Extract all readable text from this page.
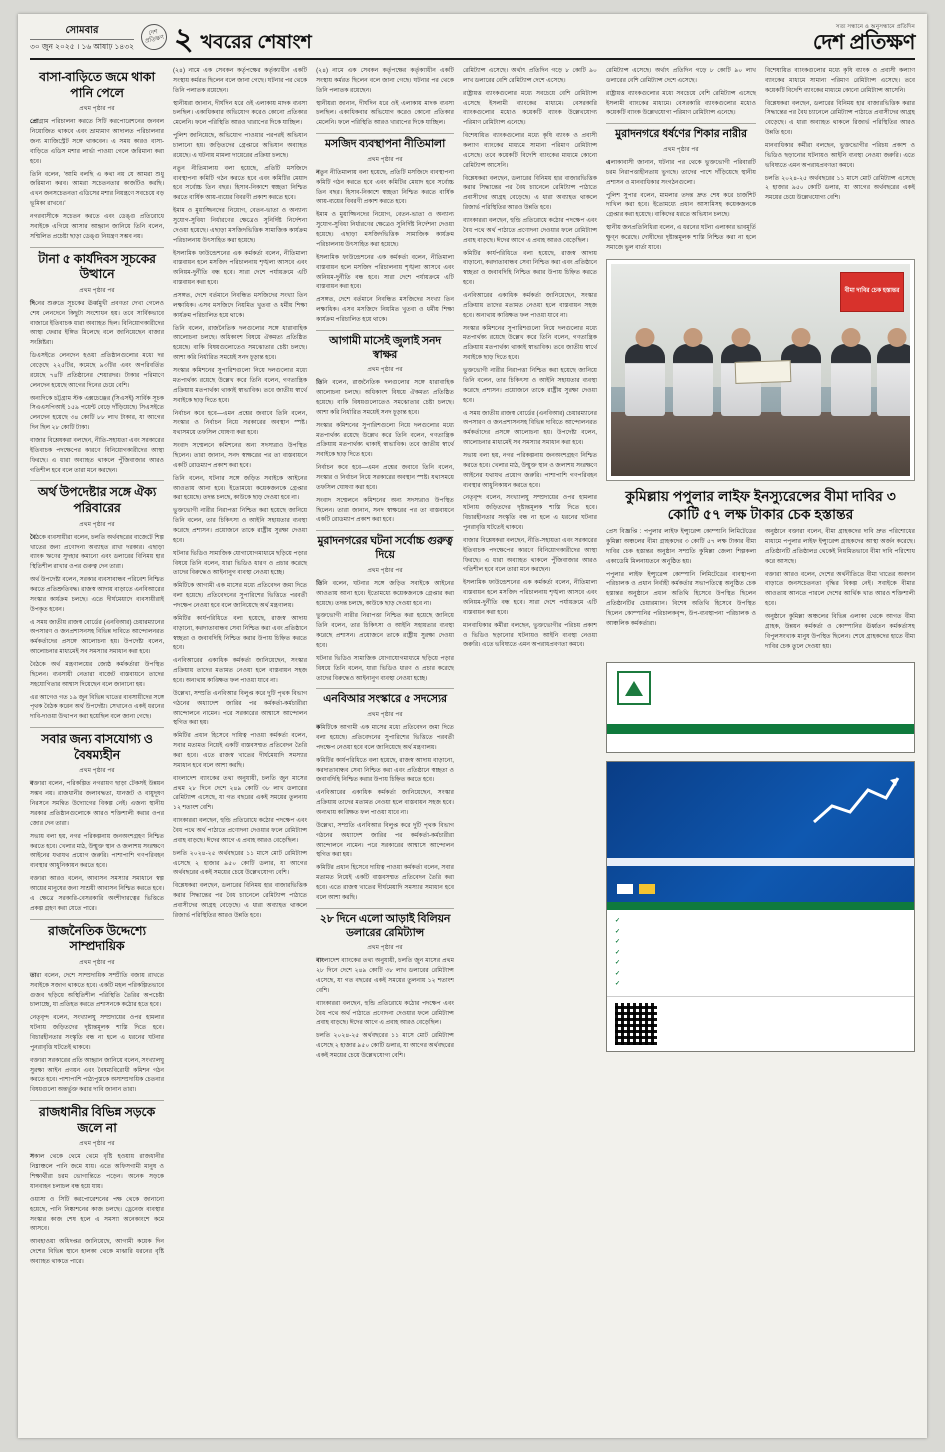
সোমবার
৩০ জুন ২০২৫ । ১৬ আষাঢ় ১৪৩২
দেশ প্রতিক্ষণ ২ খবরের শেষাংশ
সত্য সন্ধানে ও অনুসন্ধানে প্রতিদিন
দেশ প্রতিক্ষণ
বাসা-বাড়িতে জমে থাকা পানি পেলে
প্রথম পৃষ্ঠার পর

প্রোগ্রাম পরিচালনা করতে সিটি করপোরেশনের জনবল নিয়োজিত থাকবে এবং ভ্রাম্যমাণ আদালত পরিচালনার জন্য ম্যাজিস্ট্রেট সঙ্গে থাকবেন। এ সময় কারও বাসা-বাড়িতে এডিস মশার লার্ভা পাওয়া গেলে জরিমানা করা হবে।

তিনি বলেন, 'আমি বলছি এ কথা নয় যে আমরা শুধু জরিমানা করব। আমরা সচেতনতার কাজটিও করছি। এখন জনসচেতনতা এডিসের মশার নিয়ন্ত্রণে সবচেয়ে বড় ভূমিকা রাখবে।'

নগরবাসীকে সচেতন করতে এবং ডেঙ্গু প্রতিরোধে সবাইকে এগিয়ে আসার আহ্বান জানিয়ে তিনি বলেন, সম্মিলিত প্রচেষ্টা ছাড়া ডেঙ্গু নিয়ন্ত্রণ সম্ভব নয়।

টানা ৫ কার্যদিবস সূচকের উত্থানে
প্রথম পৃষ্ঠার পর

দিনের শুরুতে সূচকের ঊর্ধ্বমুখী প্রবণতা দেখা গেলেও শেষ লেনদেনে কিছুটা সংশোধন হয়। তবে সার্বিকভাবে বাজারে ইতিবাচক ধারা অব্যাহত ছিল। বিনিয়োগকারীদের আস্থা ফেরার ইঙ্গিত মিলেছে বলে জানিয়েছেন বাজার সংশ্লিষ্টরা।

ডিএসইতে লেনদেন হওয়া প্রতিষ্ঠানগুলোর মধ্যে দর বেড়েছে ২২৫টির, কমেছে ৯৩টির এবং অপরিবর্তিত রয়েছে ৭৪টি প্রতিষ্ঠানের শেয়ারদর। টাকার পরিমাণে লেনদেন হয়েছে আগের দিনের চেয়ে বেশি।

অন্যদিকে চট্টগ্রাম স্টক এক্সচেঞ্জের (সিএসই) সার্বিক সূচক সিএএসপিআই ১৫৯ পয়েন্ট বেড়ে দাঁড়িয়েছে। সিএসইতে লেনদেন হয়েছে ৩৪ কোটি ৮৮ লাখ টাকার, যা আগের দিন ছিল ২৮ কোটি টাকা।

বাজার বিশ্লেষকরা বলছেন, নীতি-সহায়তা এবং সরকারের ইতিবাচক পদক্ষেপের কারণে বিনিয়োগকারীদের আস্থা ফিরছে। এ ধারা অব্যাহত থাকলে পুঁজিবাজার আরও গতিশীল হবে বলে তারা মনে করছেন।

অর্থ উপদেষ্টার সঙ্গে ঐক্য পরিবারের
প্রথম পৃষ্ঠার পর

বৈঠকে ব্যবসায়ীরা বলেন, চলতি অর্থবছরের বাজেটে শিল্প খাতের জন্য প্রণোদনা অব্যাহত রাখা দরকার। এছাড়া ব্যাংক ঋণের সুদহার কমানো এবং ডলারের বিনিময় হার স্থিতিশীল রাখার ওপর গুরুত্ব দেন তারা।

অর্থ উপদেষ্টা বলেন, সরকার ব্যবসাবান্ধব পরিবেশ নিশ্চিত করতে প্রতিশ্রুতিবদ্ধ। রাজস্ব আদায় বাড়াতে এনবিআরের সংস্কার কার্যক্রম চলছে। এতে দীর্ঘমেয়াদে ব্যবসায়ীরাই উপকৃত হবেন।

এ সময় জাতীয় রাজস্ব বোর্ডের (এনবিআর) চেয়ারম্যানের অপসারণ ও জনপ্রশাসনসহ বিভিন্ন দাবিতে আন্দোলনরত কর্মকর্তাদের প্রসঙ্গে আলোচনা হয়। উপদেষ্টা বলেন, আলোচনার মাধ্যমেই সব সমস্যার সমাধান করা হবে।

বৈঠকে অর্থ মন্ত্রণালয়ের জ্যেষ্ঠ কর্মকর্তারা উপস্থিত ছিলেন। ব্যবসায়ী নেতারা বাজেট বাস্তবায়নে তাদের সহযোগিতার আশ্বাস দিয়েছেন বলে জানানো হয়।

এর আগেও গত ১৯ জুন বিভিন্ন খাতের ব্যবসায়ীদের সঙ্গে পৃথক বৈঠক করেন অর্থ উপদেষ্টা। সেখানেও একই ধরনের দাবি-দাওয়া উত্থাপন করা হয়েছিল বলে জানা গেছে।

সবার জন্য বাসযোগ্য ও বৈষম্যহীন
প্রথম পৃষ্ঠার পর

বক্তারা বলেন, পরিকল্পিত নগরায়ণ ছাড়া টেকসই উন্নয়ন সম্ভব নয়। রাজধানীর জলাবদ্ধতা, যানজট ও বায়ুদূষণ নিরসনে সমন্বিত উদ্যোগের বিকল্প নেই। এজন্য স্থানীয় সরকার প্রতিষ্ঠানগুলোকে আরও শক্তিশালী করার ওপর জোর দেন তারা।

সভায় বলা হয়, নগর পরিকল্পনায় জনঅংশগ্রহণ নিশ্চিত করতে হবে। খেলার মাঠ, উন্মুক্ত স্থান ও জলাশয় সংরক্ষণে আইনের যথাযথ প্রয়োগ জরুরি। পাশাপাশি গণপরিবহন ব্যবস্থার আধুনিকায়ন করতে হবে।

বক্তারা আরও বলেন, আবাসন সমস্যার সমাধানে স্বল্প আয়ের মানুষের জন্য সাশ্রয়ী আবাসন নিশ্চিত করতে হবে। এ ক্ষেত্রে সরকারি-বেসরকারি অংশীদারত্বের ভিত্তিতে প্রকল্প গ্রহণ করা যেতে পারে।

রাজনৈতিক উদ্দেশ্যে সাম্প্রদায়িক
প্রথম পৃষ্ঠার পর

তারা বলেন, দেশে সাম্প্রদায়িক সম্প্রীতি বজায় রাখতে সবাইকে সজাগ থাকতে হবে। একটি মহল পরিকল্পিতভাবে গুজব ছড়িয়ে অস্থিতিশীল পরিস্থিতি তৈরির অপচেষ্টা চালাচ্ছে, যা প্রতিহত করতে প্রশাসনকে কঠোর হতে হবে।

নেতৃবৃন্দ বলেন, সংখ্যালঘু সম্প্রদায়ের ওপর হামলার ঘটনায় জড়িতদের দৃষ্টান্তমূলক শাস্তি দিতে হবে। বিচারহীনতার সংস্কৃতি বন্ধ না হলে এ ধরনের ঘটনার পুনরাবৃত্তি ঘটতেই থাকবে।

বক্তারা সরকারের প্রতি আহ্বান জানিয়ে বলেন, সংখ্যালঘু সুরক্ষা আইন প্রণয়ন এবং বৈষম্যবিরোধী কমিশন গঠন করতে হবে। পাশাপাশি পাঠ্যপুস্তকে অসাম্প্রদায়িক চেতনার বিষয়গুলো অন্তর্ভুক্ত করার দাবি জানান তারা।

রাজধানীর বিভিন্ন সড়কে জলে না
প্রথম পৃষ্ঠার পর

সকাল থেকে থেমে থেমে বৃষ্টি হওয়ায় রাজধানীর নিম্নাঞ্চলে পানি জমে যায়। এতে অফিসগামী মানুষ ও শিক্ষার্থীরা চরম ভোগান্তিতে পড়েন। অনেক সড়কে যানবাহন চলাচল বন্ধ হয়ে যায়।

ওয়াসা ও সিটি করপোরেশনের পক্ষ থেকে জানানো হয়েছে, পানি নিষ্কাশনের কাজ চলছে। ড্রেনেজ ব্যবস্থার সংস্কার কাজ শেষ হলে এ সমস্যা অনেকাংশে কমে আসবে।

আবহাওয়া অধিদপ্তর জানিয়েছে, আগামী কয়েক দিন দেশের বিভিন্ন স্থানে হালকা থেকে মাঝারি ধরনের বৃষ্টি অব্যাহত থাকতে পারে।

(২৪) নামে এক সেবকন কর্তৃপক্ষের কর্তৃক্যাধীন একটি সংস্থায় কর্মরত ছিলেন বলে জানা গেছে। ঘটনার পর থেকে তিনি পলাতক রয়েছেন।

স্থানীয়রা জানান, দীর্ঘদিন ধরে ওই এলাকায় মাদক ব্যবসা চলছিল। একাধিকবার অভিযোগ করেও কোনো প্রতিকার মেলেনি। ফলে পরিস্থিতি আরও খারাপের দিকে যাচ্ছিল।

পুলিশ জানিয়েছে, অভিযোগ পাওয়ার পরপরই অভিযান চালানো হয়। জড়িতদের গ্রেপ্তারে অভিযান অব্যাহত রয়েছে। এ ঘটনায় মামলা দায়েরের প্রক্রিয়া চলছে।

নতুন নীতিমালায় বলা হয়েছে, প্রতিটি মসজিদে ব্যবস্থাপনা কমিটি গঠন করতে হবে এবং কমিটির মেয়াদ হবে সর্বোচ্চ তিন বছর। হিসাব-নিকাশে স্বচ্ছতা নিশ্চিত করতে বার্ষিক আয়-ব্যয়ের বিবরণী প্রকাশ করতে হবে।

ইমাম ও মুয়াজ্জিনদের নিয়োগ, বেতন-ভাতা ও অন্যান্য সুযোগ-সুবিধা নির্ধারণের ক্ষেত্রেও সুনির্দিষ্ট নির্দেশনা দেওয়া হয়েছে। এছাড়া মসজিদভিত্তিক সামাজিক কার্যক্রম পরিচালনায় উৎসাহিত করা হয়েছে।

ইসলামিক ফাউন্ডেশনের এক কর্মকর্তা বলেন, নীতিমালা বাস্তবায়ন হলে মসজিদ পরিচালনায় শৃঙ্খলা আসবে এবং অনিয়ম-দুর্নীতি বন্ধ হবে। সারা দেশে পর্যায়ক্রমে এটি বাস্তবায়ন করা হবে।

প্রসঙ্গত, দেশে বর্তমানে নিবন্ধিত মসজিদের সংখ্যা তিন লক্ষাধিক। এসব মসজিদে নিয়মিত খুতবা ও ধর্মীয় শিক্ষা কার্যক্রম পরিচালিত হয়ে থাকে।

তিনি বলেন, রাজনৈতিক দলগুলোর সঙ্গে ধারাবাহিক আলোচনা চলছে। অধিকাংশ বিষয়ে ঐকমত্য প্রতিষ্ঠিত হয়েছে। বাকি বিষয়গুলোতেও সমঝোতার চেষ্টা চলছে। আশা করি নির্ধারিত সময়েই সনদ চূড়ান্ত হবে।

সংস্কার কমিশনের সুপারিশগুলো নিয়ে দলগুলোর মধ্যে মতপার্থক্য রয়েছে উল্লেখ করে তিনি বলেন, গণতান্ত্রিক প্রক্রিয়ায় মতপার্থক্য থাকাই স্বাভাবিক। তবে জাতীয় স্বার্থে সবাইকে ছাড় দিতে হবে।

নির্বাচন কবে হবে—এমন প্রশ্নের জবাবে তিনি বলেন, সংস্কার ও নির্বাচন নিয়ে সরকারের অবস্থান স্পষ্ট। যথাসময়ে তফসিল ঘোষণা করা হবে।

সংবাদ সম্মেলনে কমিশনের অন্য সদস্যরাও উপস্থিত ছিলেন। তারা জানান, সনদ স্বাক্ষরের পর তা বাস্তবায়নে একটি রোডম্যাপ প্রকাশ করা হবে।

তিনি বলেন, ঘটনার সঙ্গে জড়িত সবাইকে আইনের আওতায় আনা হবে। ইতোমধ্যে কয়েকজনকে গ্রেপ্তার করা হয়েছে। তদন্ত চলছে, কাউকে ছাড় দেওয়া হবে না।

ভুক্তভোগী নারীর নিরাপত্তা নিশ্চিত করা হয়েছে জানিয়ে তিনি বলেন, তার চিকিৎসা ও আইনি সহায়তার ব্যবস্থা করেছে প্রশাসন। প্রয়োজনে তাকে রাষ্ট্রীয় সুরক্ষা দেওয়া হবে।

ঘটনার ভিডিও সামাজিক যোগাযোগমাধ্যমে ছড়িয়ে পড়ার বিষয়ে তিনি বলেন, যারা ভিডিও ধারণ ও প্রচার করেছে তাদের বিরুদ্ধেও আইনানুগ ব্যবস্থা নেওয়া হচ্ছে।

কমিটিকে আগামী এক মাসের মধ্যে প্রতিবেদন জমা দিতে বলা হয়েছে। প্রতিবেদনের সুপারিশের ভিত্তিতে পরবর্তী পদক্ষেপ নেওয়া হবে বলে জানিয়েছে অর্থ মন্ত্রণালয়।

কমিটির কার্যপরিধিতে বলা হয়েছে, রাজস্ব আদায় বাড়ানো, করদাতাবান্ধব সেবা নিশ্চিত করা এবং প্রতিষ্ঠানে স্বচ্ছতা ও জবাবদিহি নিশ্চিত করার উপায় চিহ্নিত করতে হবে।

এনবিআরের একাধিক কর্মকর্তা জানিয়েছেন, সংস্কার প্রক্রিয়ায় তাদের মতামত নেওয়া হলে বাস্তবায়ন সহজ হবে। অন্যথায় কাঙ্ক্ষিত ফল পাওয়া যাবে না।

উল্লেখ্য, সম্প্রতি এনবিআর বিলুপ্ত করে দুটি পৃথক বিভাগ গঠনের অধ্যাদেশ জারির পর কর্মকর্তা-কর্মচারীরা আন্দোলনে নামেন। পরে সরকারের আশ্বাসে আন্দোলন স্থগিত করা হয়।

কমিটির প্রধান হিসেবে দায়িত্ব পাওয়া কর্মকর্তা বলেন, সবার মতামত নিয়েই একটি বাস্তবসম্মত প্রতিবেদন তৈরি করা হবে। এতে রাজস্ব খাতের দীর্ঘমেয়াদি সমস্যার সমাধান হবে বলে আশা করছি।

বাংলাদেশ ব্যাংকের তথ্য অনুযায়ী, চলতি জুন মাসের প্রথম ২৮ দিনে দেশে ২৪৯ কোটি ৩৮ লাখ ডলারের রেমিট্যান্স এসেছে, যা গত বছরের একই সময়ের তুলনায় ১২ শতাংশ বেশি।

ব্যাংকাররা বলছেন, হুন্ডি প্রতিরোধে কঠোর পদক্ষেপ এবং বৈধ পথে অর্থ পাঠাতে প্রণোদনা দেওয়ার ফলে রেমিট্যান্স প্রবাহ বাড়ছে। ঈদের আগে এ প্রবাহ আরও বেড়েছিল।

চলতি ২০২৪-২৫ অর্থবছরের ১১ মাসে মোট রেমিট্যান্স এসেছে ২ হাজার ৯৫০ কোটি ডলার, যা আগের অর্থবছরের একই সময়ের চেয়ে উল্লেখযোগ্য বেশি।

বিশ্লেষকরা বলছেন, ডলারের বিনিময় হার বাজারভিত্তিক করার সিদ্ধান্তের পর বৈধ চ্যানেলে রেমিট্যান্স পাঠাতে প্রবাসীদের আগ্রহ বেড়েছে। এ ধারা অব্যাহত থাকলে রিজার্ভ পরিস্থিতির আরও উন্নতি হবে।

(২৪) নামে এক সেবকন কর্তৃপক্ষের কর্তৃক্যাধীন একটি সংস্থায় কর্মরত ছিলেন বলে জানা গেছে। ঘটনার পর থেকে তিনি পলাতক রয়েছেন।

স্থানীয়রা জানান, দীর্ঘদিন ধরে ওই এলাকায় মাদক ব্যবসা চলছিল। একাধিকবার অভিযোগ করেও কোনো প্রতিকার মেলেনি। ফলে পরিস্থিতি আরও খারাপের দিকে যাচ্ছিল।

মসজিদ ব্যবস্থাপনা নীতিমালা
প্রথম পৃষ্ঠার পর

নতুন নীতিমালায় বলা হয়েছে, প্রতিটি মসজিদে ব্যবস্থাপনা কমিটি গঠন করতে হবে এবং কমিটির মেয়াদ হবে সর্বোচ্চ তিন বছর। হিসাব-নিকাশে স্বচ্ছতা নিশ্চিত করতে বার্ষিক আয়-ব্যয়ের বিবরণী প্রকাশ করতে হবে।

ইমাম ও মুয়াজ্জিনদের নিয়োগ, বেতন-ভাতা ও অন্যান্য সুযোগ-সুবিধা নির্ধারণের ক্ষেত্রেও সুনির্দিষ্ট নির্দেশনা দেওয়া হয়েছে। এছাড়া মসজিদভিত্তিক সামাজিক কার্যক্রম পরিচালনায় উৎসাহিত করা হয়েছে।

ইসলামিক ফাউন্ডেশনের এক কর্মকর্তা বলেন, নীতিমালা বাস্তবায়ন হলে মসজিদ পরিচালনায় শৃঙ্খলা আসবে এবং অনিয়ম-দুর্নীতি বন্ধ হবে। সারা দেশে পর্যায়ক্রমে এটি বাস্তবায়ন করা হবে।

প্রসঙ্গত, দেশে বর্তমানে নিবন্ধিত মসজিদের সংখ্যা তিন লক্ষাধিক। এসব মসজিদে নিয়মিত খুতবা ও ধর্মীয় শিক্ষা কার্যক্রম পরিচালিত হয়ে থাকে।

আগামী মাসেই জুলাই সনদ স্বাক্ষর
প্রথম পৃষ্ঠার পর

তিনি বলেন, রাজনৈতিক দলগুলোর সঙ্গে ধারাবাহিক আলোচনা চলছে। অধিকাংশ বিষয়ে ঐকমত্য প্রতিষ্ঠিত হয়েছে। বাকি বিষয়গুলোতেও সমঝোতার চেষ্টা চলছে। আশা করি নির্ধারিত সময়েই সনদ চূড়ান্ত হবে।

সংস্কার কমিশনের সুপারিশগুলো নিয়ে দলগুলোর মধ্যে মতপার্থক্য রয়েছে উল্লেখ করে তিনি বলেন, গণতান্ত্রিক প্রক্রিয়ায় মতপার্থক্য থাকাই স্বাভাবিক। তবে জাতীয় স্বার্থে সবাইকে ছাড় দিতে হবে।

নির্বাচন কবে হবে—এমন প্রশ্নের জবাবে তিনি বলেন, সংস্কার ও নির্বাচন নিয়ে সরকারের অবস্থান স্পষ্ট। যথাসময়ে তফসিল ঘোষণা করা হবে।

সংবাদ সম্মেলনে কমিশনের অন্য সদস্যরাও উপস্থিত ছিলেন। তারা জানান, সনদ স্বাক্ষরের পর তা বাস্তবায়নে একটি রোডম্যাপ প্রকাশ করা হবে।

মুরাদনগরের ঘটনা সর্বোচ্চ গুরুত্ব দিয়ে
প্রথম পৃষ্ঠার পর

তিনি বলেন, ঘটনার সঙ্গে জড়িত সবাইকে আইনের আওতায় আনা হবে। ইতোমধ্যে কয়েকজনকে গ্রেপ্তার করা হয়েছে। তদন্ত চলছে, কাউকে ছাড় দেওয়া হবে না।

ভুক্তভোগী নারীর নিরাপত্তা নিশ্চিত করা হয়েছে জানিয়ে তিনি বলেন, তার চিকিৎসা ও আইনি সহায়তার ব্যবস্থা করেছে প্রশাসন। প্রয়োজনে তাকে রাষ্ট্রীয় সুরক্ষা দেওয়া হবে।

ঘটনার ভিডিও সামাজিক যোগাযোগমাধ্যমে ছড়িয়ে পড়ার বিষয়ে তিনি বলেন, যারা ভিডিও ধারণ ও প্রচার করেছে তাদের বিরুদ্ধেও আইনানুগ ব্যবস্থা নেওয়া হচ্ছে।

এনবিআর সংস্কারে ৫ সদস্যের
প্রথম পৃষ্ঠার পর

কমিটিকে আগামী এক মাসের মধ্যে প্রতিবেদন জমা দিতে বলা হয়েছে। প্রতিবেদনের সুপারিশের ভিত্তিতে পরবর্তী পদক্ষেপ নেওয়া হবে বলে জানিয়েছে অর্থ মন্ত্রণালয়।

কমিটির কার্যপরিধিতে বলা হয়েছে, রাজস্ব আদায় বাড়ানো, করদাতাবান্ধব সেবা নিশ্চিত করা এবং প্রতিষ্ঠানে স্বচ্ছতা ও জবাবদিহি নিশ্চিত করার উপায় চিহ্নিত করতে হবে।

এনবিআরের একাধিক কর্মকর্তা জানিয়েছেন, সংস্কার প্রক্রিয়ায় তাদের মতামত নেওয়া হলে বাস্তবায়ন সহজ হবে। অন্যথায় কাঙ্ক্ষিত ফল পাওয়া যাবে না।

উল্লেখ্য, সম্প্রতি এনবিআর বিলুপ্ত করে দুটি পৃথক বিভাগ গঠনের অধ্যাদেশ জারির পর কর্মকর্তা-কর্মচারীরা আন্দোলনে নামেন। পরে সরকারের আশ্বাসে আন্দোলন স্থগিত করা হয়।

কমিটির প্রধান হিসেবে দায়িত্ব পাওয়া কর্মকর্তা বলেন, সবার মতামত নিয়েই একটি বাস্তবসম্মত প্রতিবেদন তৈরি করা হবে। এতে রাজস্ব খাতের দীর্ঘমেয়াদি সমস্যার সমাধান হবে বলে আশা করছি।

২৮ দিনে এলো আড়াই বিলিয়ন ডলারের রেমিট্যান্স
প্রথম পৃষ্ঠার পর

বাংলাদেশ ব্যাংকের তথ্য অনুযায়ী, চলতি জুন মাসের প্রথম ২৮ দিনে দেশে ২৪৯ কোটি ৩৮ লাখ ডলারের রেমিট্যান্স এসেছে, যা গত বছরের একই সময়ের তুলনায় ১২ শতাংশ বেশি।

ব্যাংকাররা বলছেন, হুন্ডি প্রতিরোধে কঠোর পদক্ষেপ এবং বৈধ পথে অর্থ পাঠাতে প্রণোদনা দেওয়ার ফলে রেমিট্যান্স প্রবাহ বাড়ছে। ঈদের আগে এ প্রবাহ আরও বেড়েছিল।

চলতি ২০২৪-২৫ অর্থবছরের ১১ মাসে মোট রেমিট্যান্স এসেছে ২ হাজার ৯৫০ কোটি ডলার, যা আগের অর্থবছরের একই সময়ের চেয়ে উল্লেখযোগ্য বেশি।

রেমিট্যান্স এসেছে। অর্থাৎ প্রতিদিন গড়ে ৮ কোটি ৯০ লাখ ডলারের বেশি রেমিট্যান্স দেশে এসেছে।

রাষ্ট্রায়ত্ত ব্যাংকগুলোর মধ্যে সবচেয়ে বেশি রেমিট্যান্স এসেছে ইসলামী ব্যাংকের মাধ্যমে। বেসরকারি ব্যাংকগুলোর মধ্যেও কয়েকটি ব্যাংক উল্লেখযোগ্য পরিমাণ রেমিট্যান্স এনেছে।

বিশেষায়িত ব্যাংকগুলোর মধ্যে কৃষি ব্যাংক ও প্রবাসী কল্যাণ ব্যাংকের মাধ্যমে সামান্য পরিমাণ রেমিট্যান্স এসেছে। তবে কয়েকটি বিদেশি ব্যাংকের মাধ্যমে কোনো রেমিট্যান্স আসেনি।

বিশ্লেষকরা বলছেন, ডলারের বিনিময় হার বাজারভিত্তিক করার সিদ্ধান্তের পর বৈধ চ্যানেলে রেমিট্যান্স পাঠাতে প্রবাসীদের আগ্রহ বেড়েছে। এ ধারা অব্যাহত থাকলে রিজার্ভ পরিস্থিতির আরও উন্নতি হবে।

ব্যাংকাররা বলছেন, হুন্ডি প্রতিরোধে কঠোর পদক্ষেপ এবং বৈধ পথে অর্থ পাঠাতে প্রণোদনা দেওয়ার ফলে রেমিট্যান্স প্রবাহ বাড়ছে। ঈদের আগে এ প্রবাহ আরও বেড়েছিল।

কমিটির কার্যপরিধিতে বলা হয়েছে, রাজস্ব আদায় বাড়ানো, করদাতাবান্ধব সেবা নিশ্চিত করা এবং প্রতিষ্ঠানে স্বচ্ছতা ও জবাবদিহি নিশ্চিত করার উপায় চিহ্নিত করতে হবে।

এনবিআরের একাধিক কর্মকর্তা জানিয়েছেন, সংস্কার প্রক্রিয়ায় তাদের মতামত নেওয়া হলে বাস্তবায়ন সহজ হবে। অন্যথায় কাঙ্ক্ষিত ফল পাওয়া যাবে না।

সংস্কার কমিশনের সুপারিশগুলো নিয়ে দলগুলোর মধ্যে মতপার্থক্য রয়েছে উল্লেখ করে তিনি বলেন, গণতান্ত্রিক প্রক্রিয়ায় মতপার্থক্য থাকাই স্বাভাবিক। তবে জাতীয় স্বার্থে সবাইকে ছাড় দিতে হবে।

ভুক্তভোগী নারীর নিরাপত্তা নিশ্চিত করা হয়েছে জানিয়ে তিনি বলেন, তার চিকিৎসা ও আইনি সহায়তার ব্যবস্থা করেছে প্রশাসন। প্রয়োজনে তাকে রাষ্ট্রীয় সুরক্ষা দেওয়া হবে।

এ সময় জাতীয় রাজস্ব বোর্ডের (এনবিআর) চেয়ারম্যানের অপসারণ ও জনপ্রশাসনসহ বিভিন্ন দাবিতে আন্দোলনরত কর্মকর্তাদের প্রসঙ্গে আলোচনা হয়। উপদেষ্টা বলেন, আলোচনার মাধ্যমেই সব সমস্যার সমাধান করা হবে।

সভায় বলা হয়, নগর পরিকল্পনায় জনঅংশগ্রহণ নিশ্চিত করতে হবে। খেলার মাঠ, উন্মুক্ত স্থান ও জলাশয় সংরক্ষণে আইনের যথাযথ প্রয়োগ জরুরি। পাশাপাশি গণপরিবহন ব্যবস্থার আধুনিকায়ন করতে হবে।

নেতৃবৃন্দ বলেন, সংখ্যালঘু সম্প্রদায়ের ওপর হামলার ঘটনায় জড়িতদের দৃষ্টান্তমূলক শাস্তি দিতে হবে। বিচারহীনতার সংস্কৃতি বন্ধ না হলে এ ধরনের ঘটনার পুনরাবৃত্তি ঘটতেই থাকবে।

বাজার বিশ্লেষকরা বলছেন, নীতি-সহায়তা এবং সরকারের ইতিবাচক পদক্ষেপের কারণে বিনিয়োগকারীদের আস্থা ফিরছে। এ ধারা অব্যাহত থাকলে পুঁজিবাজার আরও গতিশীল হবে বলে তারা মনে করছেন।

ইসলামিক ফাউন্ডেশনের এক কর্মকর্তা বলেন, নীতিমালা বাস্তবায়ন হলে মসজিদ পরিচালনায় শৃঙ্খলা আসবে এবং অনিয়ম-দুর্নীতি বন্ধ হবে। সারা দেশে পর্যায়ক্রমে এটি বাস্তবায়ন করা হবে।

মানবাধিকার কর্মীরা বলছেন, ভুক্তভোগীর পরিচয় প্রকাশ ও ভিডিও ছড়ানোর ঘটনায়ও আইনি ব্যবস্থা নেওয়া জরুরি। এতে ভবিষ্যতে এমন অপরাধপ্রবণতা কমবে।

রেমিট্যান্স এসেছে। অর্থাৎ প্রতিদিন গড়ে ৮ কোটি ৯০ লাখ ডলারের বেশি রেমিট্যান্স দেশে এসেছে।

রাষ্ট্রায়ত্ত ব্যাংকগুলোর মধ্যে সবচেয়ে বেশি রেমিট্যান্স এসেছে ইসলামী ব্যাংকের মাধ্যমে। বেসরকারি ব্যাংকগুলোর মধ্যেও কয়েকটি ব্যাংক উল্লেখযোগ্য পরিমাণ রেমিট্যান্স এনেছে।

মুরাদনগরে ধর্ষণের শিকার নারীর
প্রথম পৃষ্ঠার পর

এলাকাবাসী জানান, ঘটনার পর থেকে ভুক্তভোগী পরিবারটি চরম নিরাপত্তাহীনতায় ভুগছে। তাদের পাশে দাঁড়িয়েছে স্থানীয় প্রশাসন ও মানবাধিকার সংগঠনগুলো।

পুলিশ সুপার বলেন, মামলার তদন্ত দ্রুত শেষ করে চার্জশিট দাখিল করা হবে। ইতোমধ্যে প্রধান আসামিসহ কয়েকজনকে গ্রেপ্তার করা হয়েছে। বাকিদের ধরতে অভিযান চলছে।

স্থানীয় জনপ্রতিনিধিরা বলেন, এ ধরনের ঘটনা এলাকার ভাবমূর্তি ক্ষুণ্ন করেছে। দোষীদের দৃষ্টান্তমূলক শাস্তি নিশ্চিত করা না হলে সমাজে ভুল বার্তা যাবে।

বিশেষায়িত ব্যাংকগুলোর মধ্যে কৃষি ব্যাংক ও প্রবাসী কল্যাণ ব্যাংকের মাধ্যমে সামান্য পরিমাণ রেমিট্যান্স এসেছে। তবে কয়েকটি বিদেশি ব্যাংকের মাধ্যমে কোনো রেমিট্যান্স আসেনি।

বিশ্লেষকরা বলছেন, ডলারের বিনিময় হার বাজারভিত্তিক করার সিদ্ধান্তের পর বৈধ চ্যানেলে রেমিট্যান্স পাঠাতে প্রবাসীদের আগ্রহ বেড়েছে। এ ধারা অব্যাহত থাকলে রিজার্ভ পরিস্থিতির আরও উন্নতি হবে।

মানবাধিকার কর্মীরা বলছেন, ভুক্তভোগীর পরিচয় প্রকাশ ও ভিডিও ছড়ানোর ঘটনায়ও আইনি ব্যবস্থা নেওয়া জরুরি। এতে ভবিষ্যতে এমন অপরাধপ্রবণতা কমবে।

চলতি ২০২৪-২৫ অর্থবছরের ১১ মাসে মোট রেমিট্যান্স এসেছে ২ হাজার ৯৫০ কোটি ডলার, যা আগের অর্থবছরের একই সময়ের চেয়ে উল্লেখযোগ্য বেশি।

বীমা দাবির চেক হস্তান্তর
কুমিল্লায় পপুলার লাইফ ইনস্যুরেন্সের বীমা দাবির ৩ কোটি ৫৭ লক্ষ টাকার চেক হস্তান্তর

প্রেস বিজ্ঞপ্তি : পপুলার লাইফ ইন্স্যুরেন্স কোম্পানি লিমিটেডের কুমিল্লা অঞ্চলের বীমা গ্রাহকদের ৩ কোটি ৫৭ লক্ষ টাকার বীমা দাবির চেক হস্তান্তর অনুষ্ঠান সম্প্রতি কুমিল্লা জেলা শিল্পকলা একাডেমি মিলনায়তনে অনুষ্ঠিত হয়।

পপুলার লাইফ ইন্স্যুরেন্স কোম্পানি লিমিটেডের ব্যবস্থাপনা পরিচালক ও প্রধান নির্বাহী কর্মকর্তার সভাপতিত্বে অনুষ্ঠিত চেক হস্তান্তর অনুষ্ঠানে প্রধান অতিথি হিসেবে উপস্থিত ছিলেন প্রতিষ্ঠানটির চেয়ারম্যান। বিশেষ অতিথি হিসেবে উপস্থিত ছিলেন কোম্পানির পরিচালকবৃন্দ, উপ-ব্যবস্থাপনা পরিচালক ও আঞ্চলিক কর্মকর্তারা।

অনুষ্ঠানে বক্তারা বলেন, বীমা গ্রাহকদের দাবি দ্রুত পরিশোধের মাধ্যমে পপুলার লাইফ ইন্স্যুরেন্স গ্রাহকদের আস্থা অর্জন করেছে। প্রতিষ্ঠানটি প্রতিষ্ঠালগ্ন থেকেই নিয়মিতভাবে বীমা দাবি পরিশোধ করে আসছে।

বক্তারা আরও বলেন, দেশের অর্থনীতিতে বীমা খাতের অবদান বাড়াতে জনসচেতনতা বৃদ্ধির বিকল্প নেই। সবাইকে বীমার আওতায় আনতে পারলে দেশের আর্থিক খাত আরও শক্তিশালী হবে।

অনুষ্ঠানে কুমিল্লা অঞ্চলের বিভিন্ন এলাকা থেকে আগত বীমা গ্রাহক, উন্নয়ন কর্মকর্তা ও কোম্পানির ঊর্ধ্বতন কর্মকর্তাসহ বিপুলসংখ্যক মানুষ উপস্থিত ছিলেন। শেষে গ্রাহকদের হাতে বীমা দাবির চেক তুলে দেওয়া হয়।

✓
✓
✓
✓
✓
✓
✓
